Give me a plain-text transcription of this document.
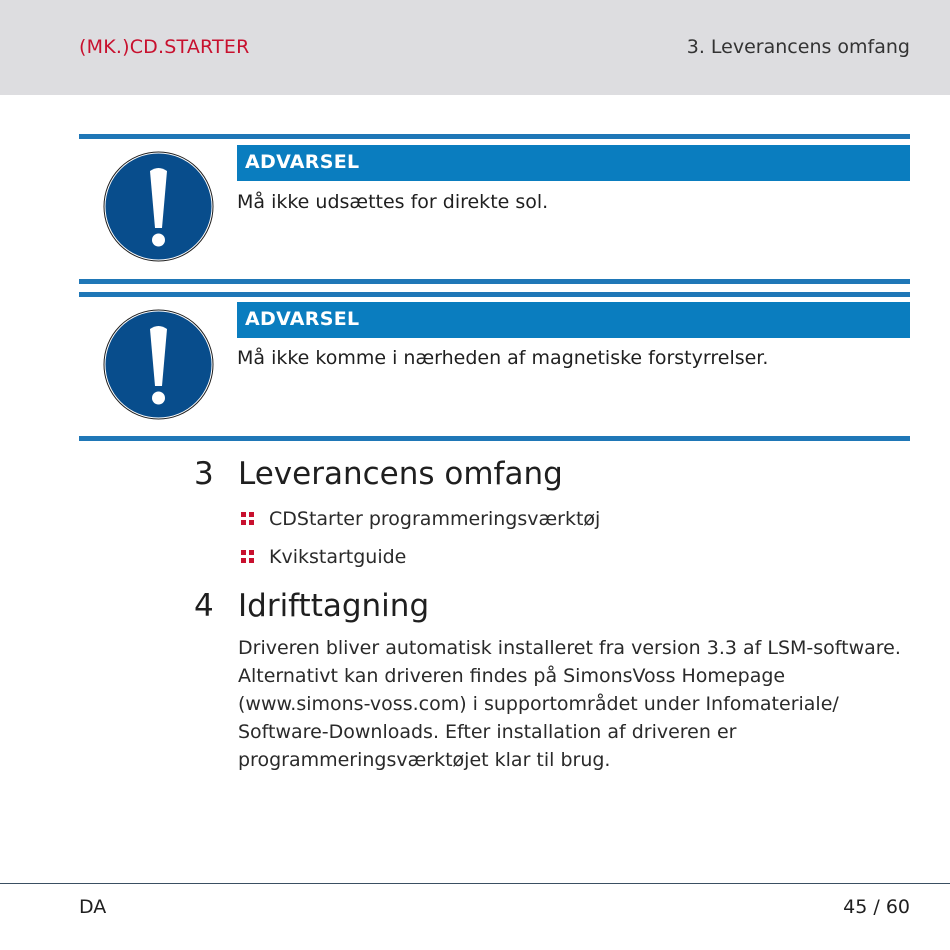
(MK.)CD.STARTER	3. Leverancens omfang
ADVARSEL
Må ikke udsættes for direkte sol.
ADVARSEL
Må ikke komme i nærheden af magnetiske forstyrrelser.
3 Leverancens omfang
CDStarter programmeringsværktøj
Kvikstartguide
4 Idrifttagning
Driveren bliver automatisk installeret fra version 3.3 af LSM-software.
Alternativt kan driveren findes på SimonsVoss Homepage
(www.simons-voss.com) i supportområdet under Infomateriale/
Software-Downloads. Efter installation af driveren er
programmeringsværktøjet klar til brug.
DA	45 / 60
